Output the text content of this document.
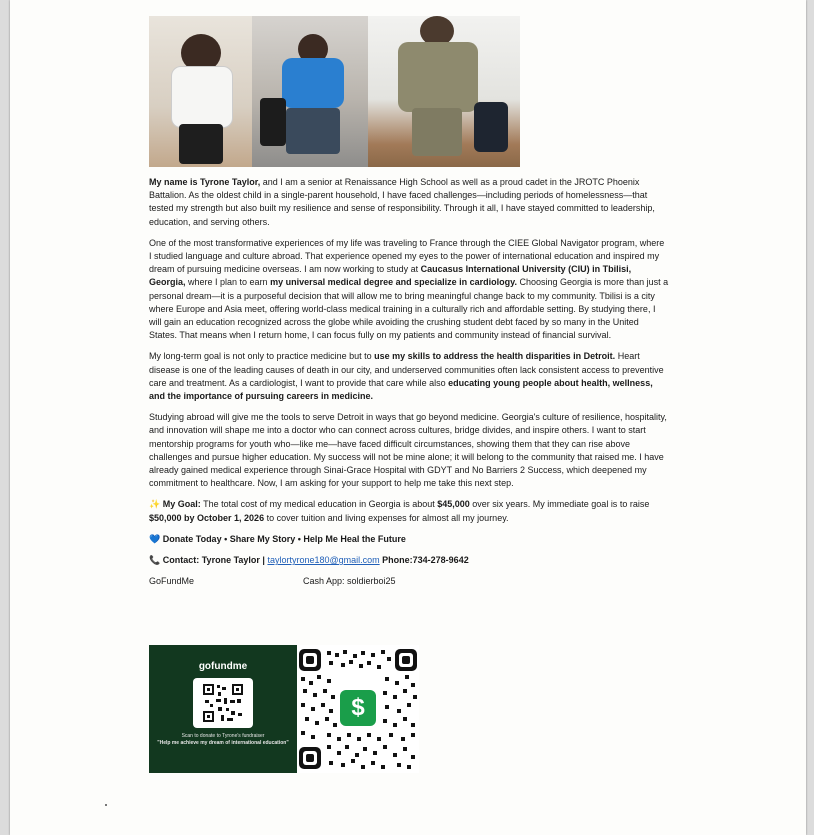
My name is Tyrone Taylor, and I am a senior at Renaissance High School as well as a proud cadet in the JROTC Phoenix Battalion. As the oldest child in a single-parent household, I have faced challenges—including periods of homelessness—that tested my strength but also built my resilience and sense of responsibility. Through it all, I have stayed committed to leadership, education, and serving others.

One of the most transformative experiences of my life was traveling to France through the CIEE Global Navigator program, where I studied language and culture abroad. That experience opened my eyes to the power of international education and inspired my dream of pursuing medicine overseas. I am now working to study at Caucasus International University (CIU) in Tbilisi, Georgia, where I plan to earn my universal medical degree and specialize in cardiology. Choosing Georgia is more than just a personal dream—it is a purposeful decision that will allow me to bring meaningful change back to my community. Tbilisi is a city where Europe and Asia meet, offering world-class medical training in a culturally rich and affordable setting. By studying there, I will gain an education recognized across the globe while avoiding the crushing student debt faced by so many in the United States. That means when I return home, I can focus fully on my patients and community instead of financial survival.

My long-term goal is not only to practice medicine but to use my skills to address the health disparities in Detroit. Heart disease is one of the leading causes of death in our city, and underserved communities often lack consistent access to preventive care and treatment. As a cardiologist, I want to provide that care while also educating young people about health, wellness, and the importance of pursuing careers in medicine.

Studying abroad will give me the tools to serve Detroit in ways that go beyond medicine. Georgia's culture of resilience, hospitality, and innovation will shape me into a doctor who can connect across cultures, bridge divides, and inspire others. I want to start mentorship programs for youth who—like me—have faced difficult circumstances, showing them that they can rise above challenges and pursue higher education. My success will not be mine alone; it will belong to the community that raised me. I have already gained medical experience through Sinai-Grace Hospital with GDYT and No Barriers 2 Success, which deepened my commitment to healthcare. Now, I am asking for your support to help me take this next step.

✨ My Goal: The total cost of my medical education in Georgia is about $45,000 over six years. My immediate goal is to raise $50,000 by October 1, 2026 to cover tuition and living expenses for almost all my journey.

💙 Donate Today • Share My Story • Help Me Heal the Future

📞 Contact: Tyrone Taylor | taylortyrone180@gmail.com Phone:734-278-9642

GoFundMe	Cash App: soldierboi25
gofundme
Scan to donate to Tyrone's fundraiser
"Help me achieve my dream of international education"
$
